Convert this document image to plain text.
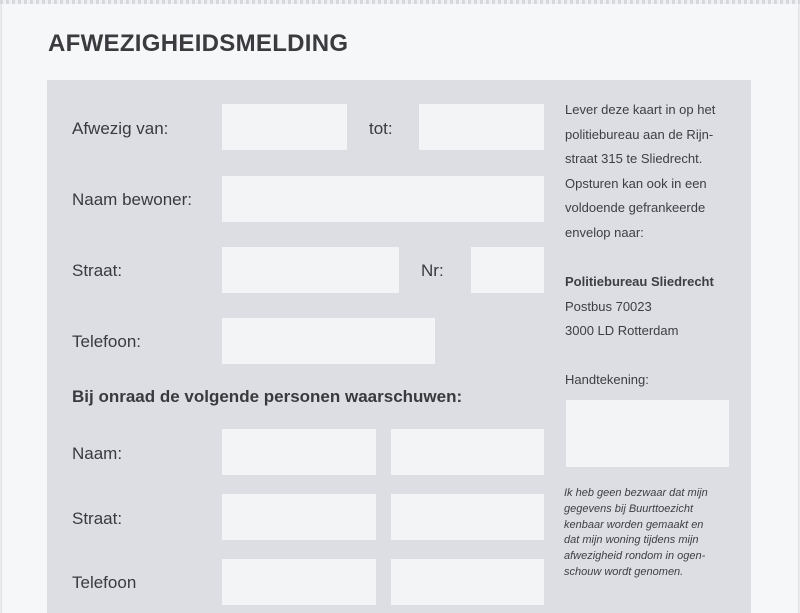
AFWEZIGHEIDSMELDING
Afwezig van:	tot:
Naam bewoner:
Straat:	Nr:
Telefoon:
Bij onraad de volgende personen waarschuwen:
Naam:
Straat:
Telefoon
Lever deze kaart in op het
politiebureau aan de Rijn-
straat 315 te Sliedrecht.
Opsturen kan ook in een
voldoende gefrankeerde
envelop naar:
Politiebureau Sliedrecht
Postbus 70023
3000 LD Rotterdam
Handtekening:
Ik heb geen bezwaar dat mijn
gegevens bij Buurttoezicht
kenbaar worden gemaakt en
dat mijn woning tijdens mijn
afwezigheid rondom in ogen-
schouw wordt genomen.
